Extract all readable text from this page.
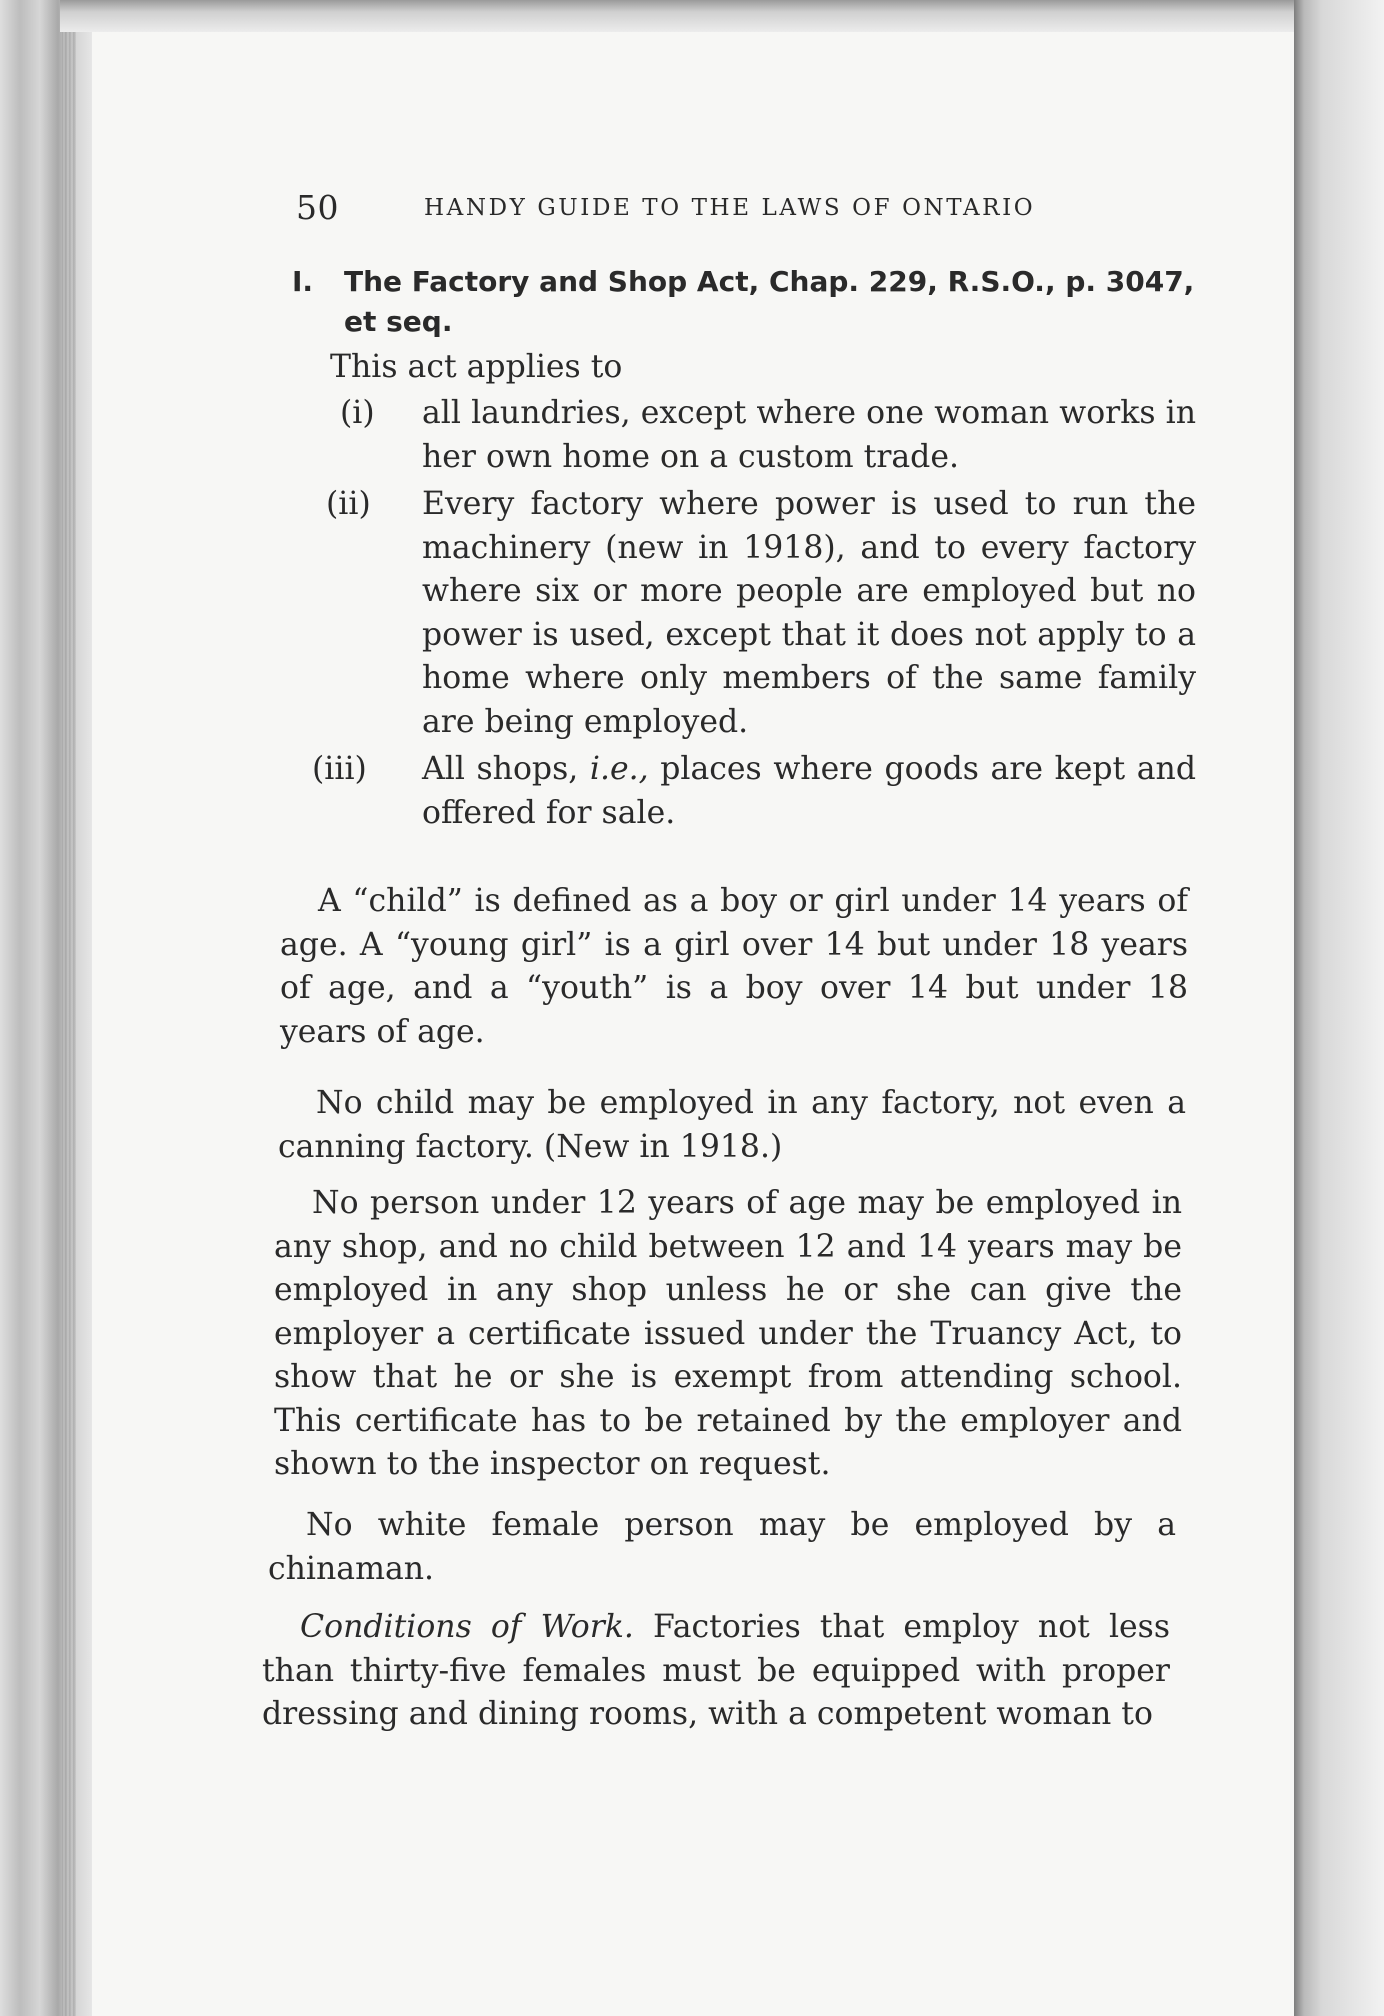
50	HANDY GUIDE TO THE LAWS OF ONTARIO
I. The Factory and Shop Act, Chap. 229, R.S.O., p. 3047, et seq.
This act applies to
(i) all laundries, except where one woman works in her own home on a custom trade.
(ii) Every factory where power is used to run the machinery (new in 1918), and to every factory where six or more people are employed but no power is used, except that it does not apply to a home where only members of the same family are being employed.
(iii) All shops, i.e., places where goods are kept and offered for sale.
A “child” is defined as a boy or girl under 14 years of age. A “young girl” is a girl over 14 but under 18 years of age, and a “youth” is a boy over 14 but under 18 years of age.
No child may be employed in any factory, not even a canning factory. (New in 1918.)
No person under 12 years of age may be employed in any shop, and no child between 12 and 14 years may be employed in any shop unless he or she can give the employer a certificate issued under the Truancy Act, to show that he or she is exempt from attending school. This certificate has to be retained by the employer and shown to the inspector on request.
No white female person may be employed by a chinaman.
Conditions of Work. Factories that employ not less than thirty-five females must be equipped with proper dressing and dining rooms, with a competent woman to
